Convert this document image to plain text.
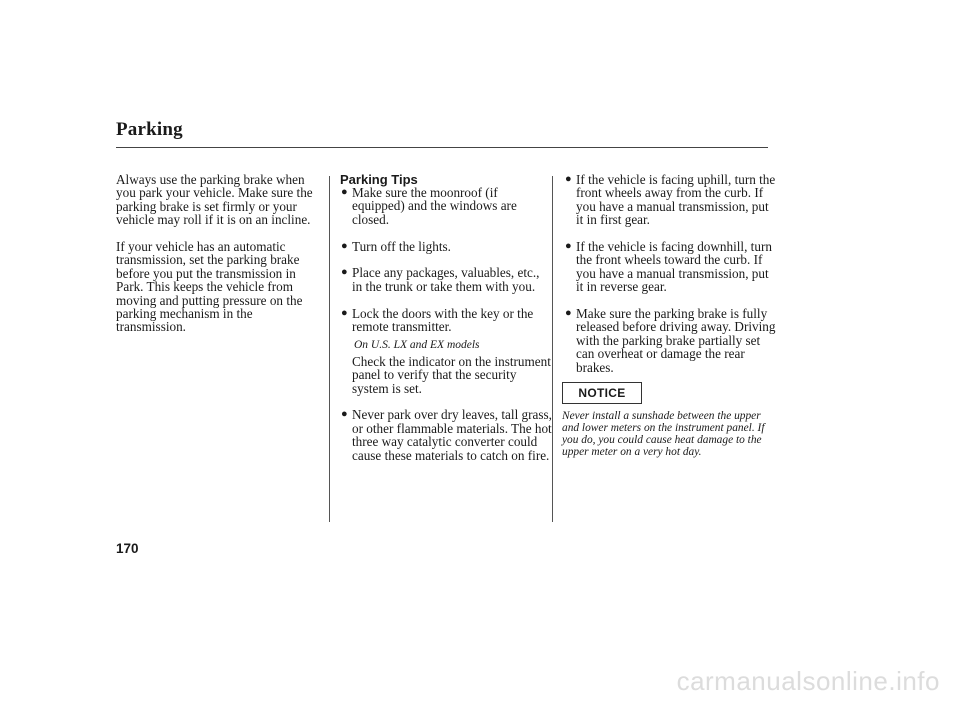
Parking

Always use the parking brake when you park your vehicle. Make sure the parking brake is set firmly or your vehicle may roll if it is on an incline.

If your vehicle has an automatic transmission, set the parking brake before you put the transmission in Park. This keeps the vehicle from moving and putting pressure on the parking mechanism in the transmission.

Parking Tips
● Make sure the moonroof (if equipped) and the windows are closed.
● Turn off the lights.
● Place any packages, valuables, etc., in the trunk or take them with you.
● Lock the doors with the key or the remote transmitter.
On U.S. LX and EX models
Check the indicator on the instrument panel to verify that the security system is set.
● Never park over dry leaves, tall grass, or other flammable materials. The hot three way catalytic converter could cause these materials to catch on fire.
● If the vehicle is facing uphill, turn the front wheels away from the curb. If you have a manual transmission, put it in first gear.
● If the vehicle is facing downhill, turn the front wheels toward the curb. If you have a manual transmission, put it in reverse gear.
● Make sure the parking brake is fully released before driving away. Driving with the parking brake partially set can overheat or damage the rear brakes.
NOTICE
Never install a sunshade between the upper and lower meters on the instrument panel. If you do, you could cause heat damage to the upper meter on a very hot day.
170
carmanualsonline.info
